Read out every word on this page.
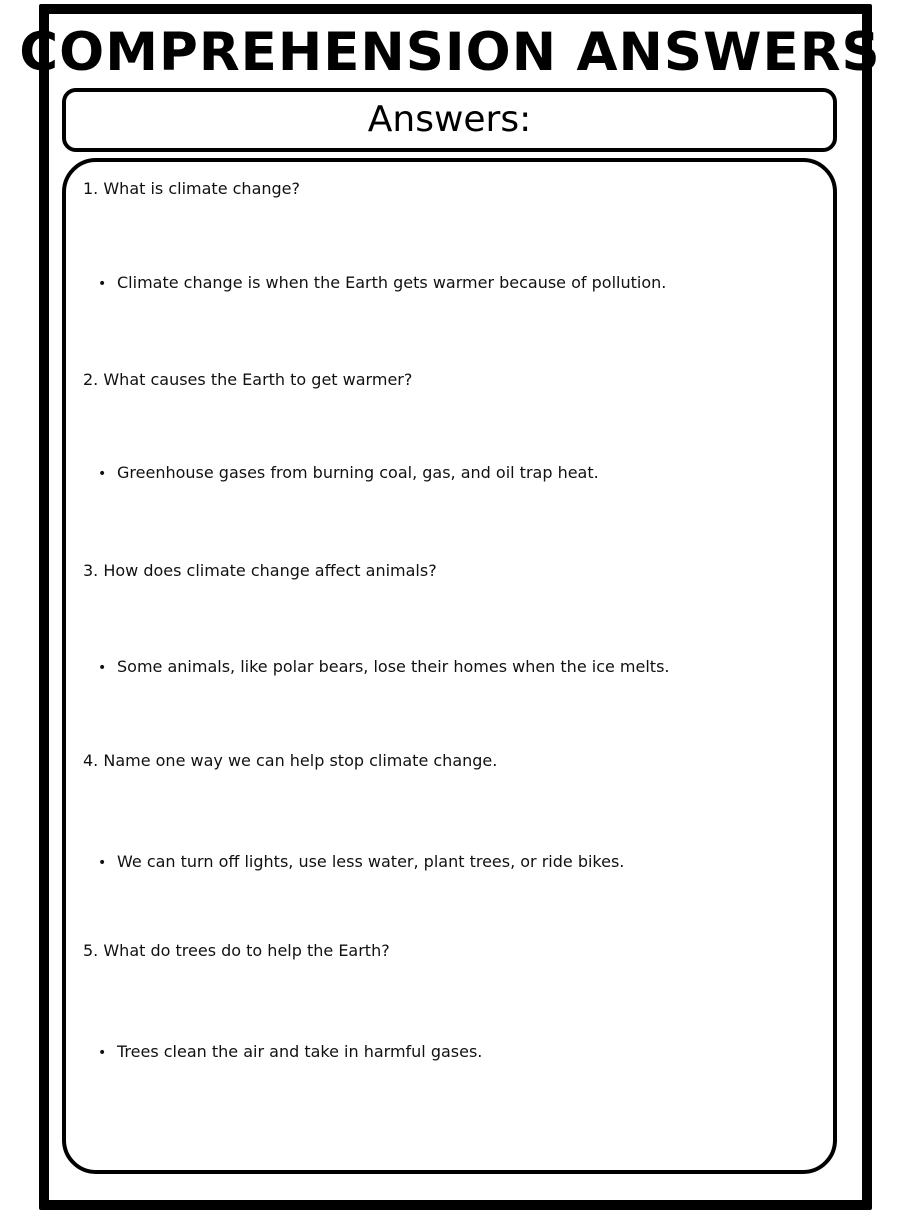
COMPREHENSION ANSWERS
Answers:
1. What is climate change?
• Climate change is when the Earth gets warmer because of pollution.
2. What causes the Earth to get warmer?
• Greenhouse gases from burning coal, gas, and oil trap heat.
3. How does climate change affect animals?
• Some animals, like polar bears, lose their homes when the ice melts.
4. Name one way we can help stop climate change.
• We can turn off lights, use less water, plant trees, or ride bikes.
5. What do trees do to help the Earth?
• Trees clean the air and take in harmful gases.
